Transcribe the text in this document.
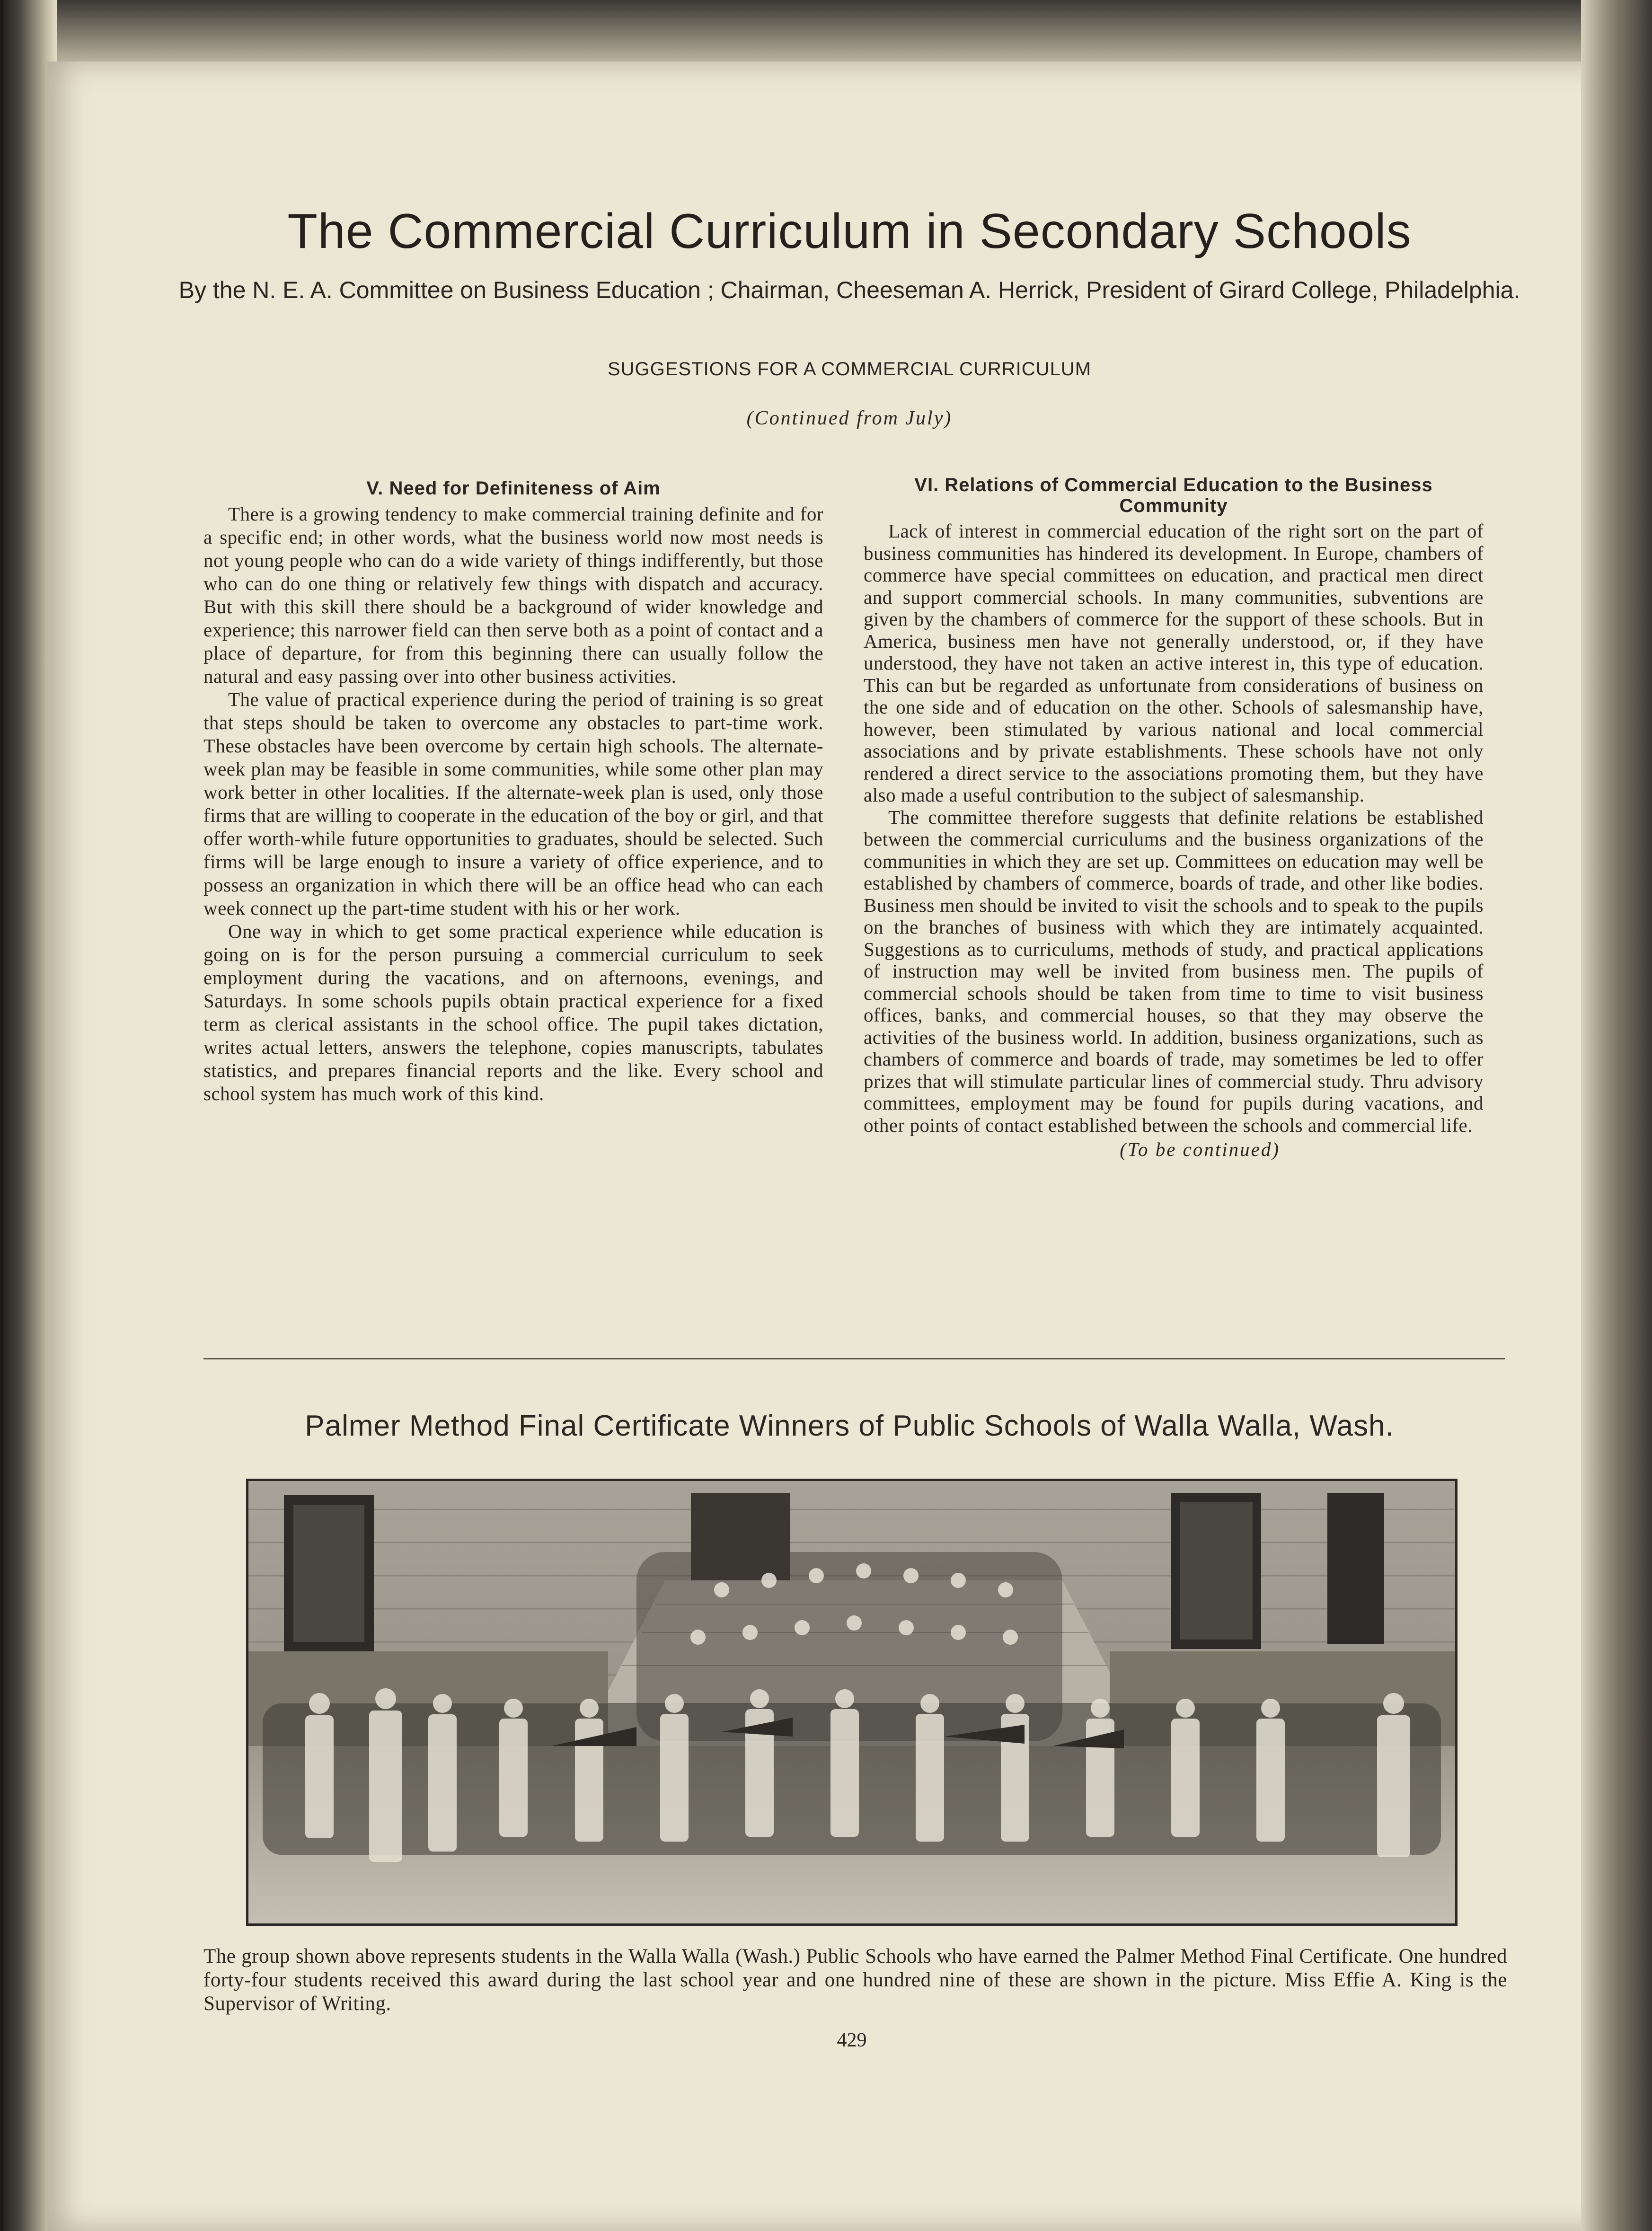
The Commercial Curriculum in Secondary Schools
By the N. E. A. Committee on Business Education ; Chairman, Cheeseman A. Herrick, President of Girard College, Philadelphia.
SUGGESTIONS FOR A COMMERCIAL CURRICULUM
(Continued from July)
V. Need for Definiteness of Aim

There is a growing tendency to make commercial training definite and for a specific end; in other words, what the business world now most needs is not young people who can do a wide variety of things indifferently, but those who can do one thing or relatively few things with dispatch and accuracy. But with this skill there should be a background of wider knowledge and experience; this narrower field can then serve both as a point of contact and a place of departure, for from this beginning there can usually follow the natural and easy passing over into other business activities.

The value of practical experience during the period of training is so great that steps should be taken to overcome any obstacles to part-time work. These obstacles have been overcome by certain high schools. The alternate-week plan may be feasible in some communities, while some other plan may work better in other localities. If the alternate-week plan is used, only those firms that are willing to cooperate in the education of the boy or girl, and that offer worth-while future opportunities to graduates, should be selected. Such firms will be large enough to insure a variety of office experience, and to possess an organization in which there will be an office head who can each week connect up the part-time student with his or her work.

One way in which to get some practical experience while education is going on is for the person pursuing a commercial curriculum to seek employment during the vacations, and on afternoons, evenings, and Saturdays. In some schools pupils obtain practical experience for a fixed term as clerical assistants in the school office. The pupil takes dictation, writes actual letters, answers the telephone, copies manuscripts, tabulates statistics, and prepares financial reports and the like. Every school and school system has much work of this kind.

VI. Relations of Commercial Education to the Business Community

Lack of interest in commercial education of the right sort on the part of business communities has hindered its development. In Europe, chambers of commerce have special committees on education, and practical men direct and support commercial schools. In many communities, subventions are given by the chambers of commerce for the support of these schools. But in America, business men have not generally understood, or, if they have understood, they have not taken an active interest in, this type of education. This can but be regarded as unfortunate from considerations of business on the one side and of education on the other. Schools of salesmanship have, however, been stimulated by various national and local commercial associations and by private establishments. These schools have not only rendered a direct service to the associations promoting them, but they have also made a useful contribution to the subject of salesmanship.

The committee therefore suggests that definite relations be established between the commercial curriculums and the business organizations of the communities in which they are set up. Committees on education may well be established by chambers of commerce, boards of trade, and other like bodies. Business men should be invited to visit the schools and to speak to the pupils on the branches of business with which they are intimately acquainted. Suggestions as to curriculums, methods of study, and practical applications of instruction may well be invited from business men. The pupils of commercial schools should be taken from time to time to visit business offices, banks, and commercial houses, so that they may observe the activities of the business world. In addition, business organizations, such as chambers of commerce and boards of trade, may sometimes be led to offer prizes that will stimulate particular lines of commercial study. Thru advisory committees, employment may be found for pupils during vacations, and other points of contact established between the schools and commercial life.

(To be continued)
Palmer Method Final Certificate Winners of Public Schools of Walla Walla, Wash.
The group shown above represents students in the Walla Walla (Wash.) Public Schools who have earned the Palmer Method Final Certificate. One hundred forty-four students received this award during the last school year and one hundred nine of these are shown in the picture. Miss Effie A. King is the Supervisor of Writing.
429
